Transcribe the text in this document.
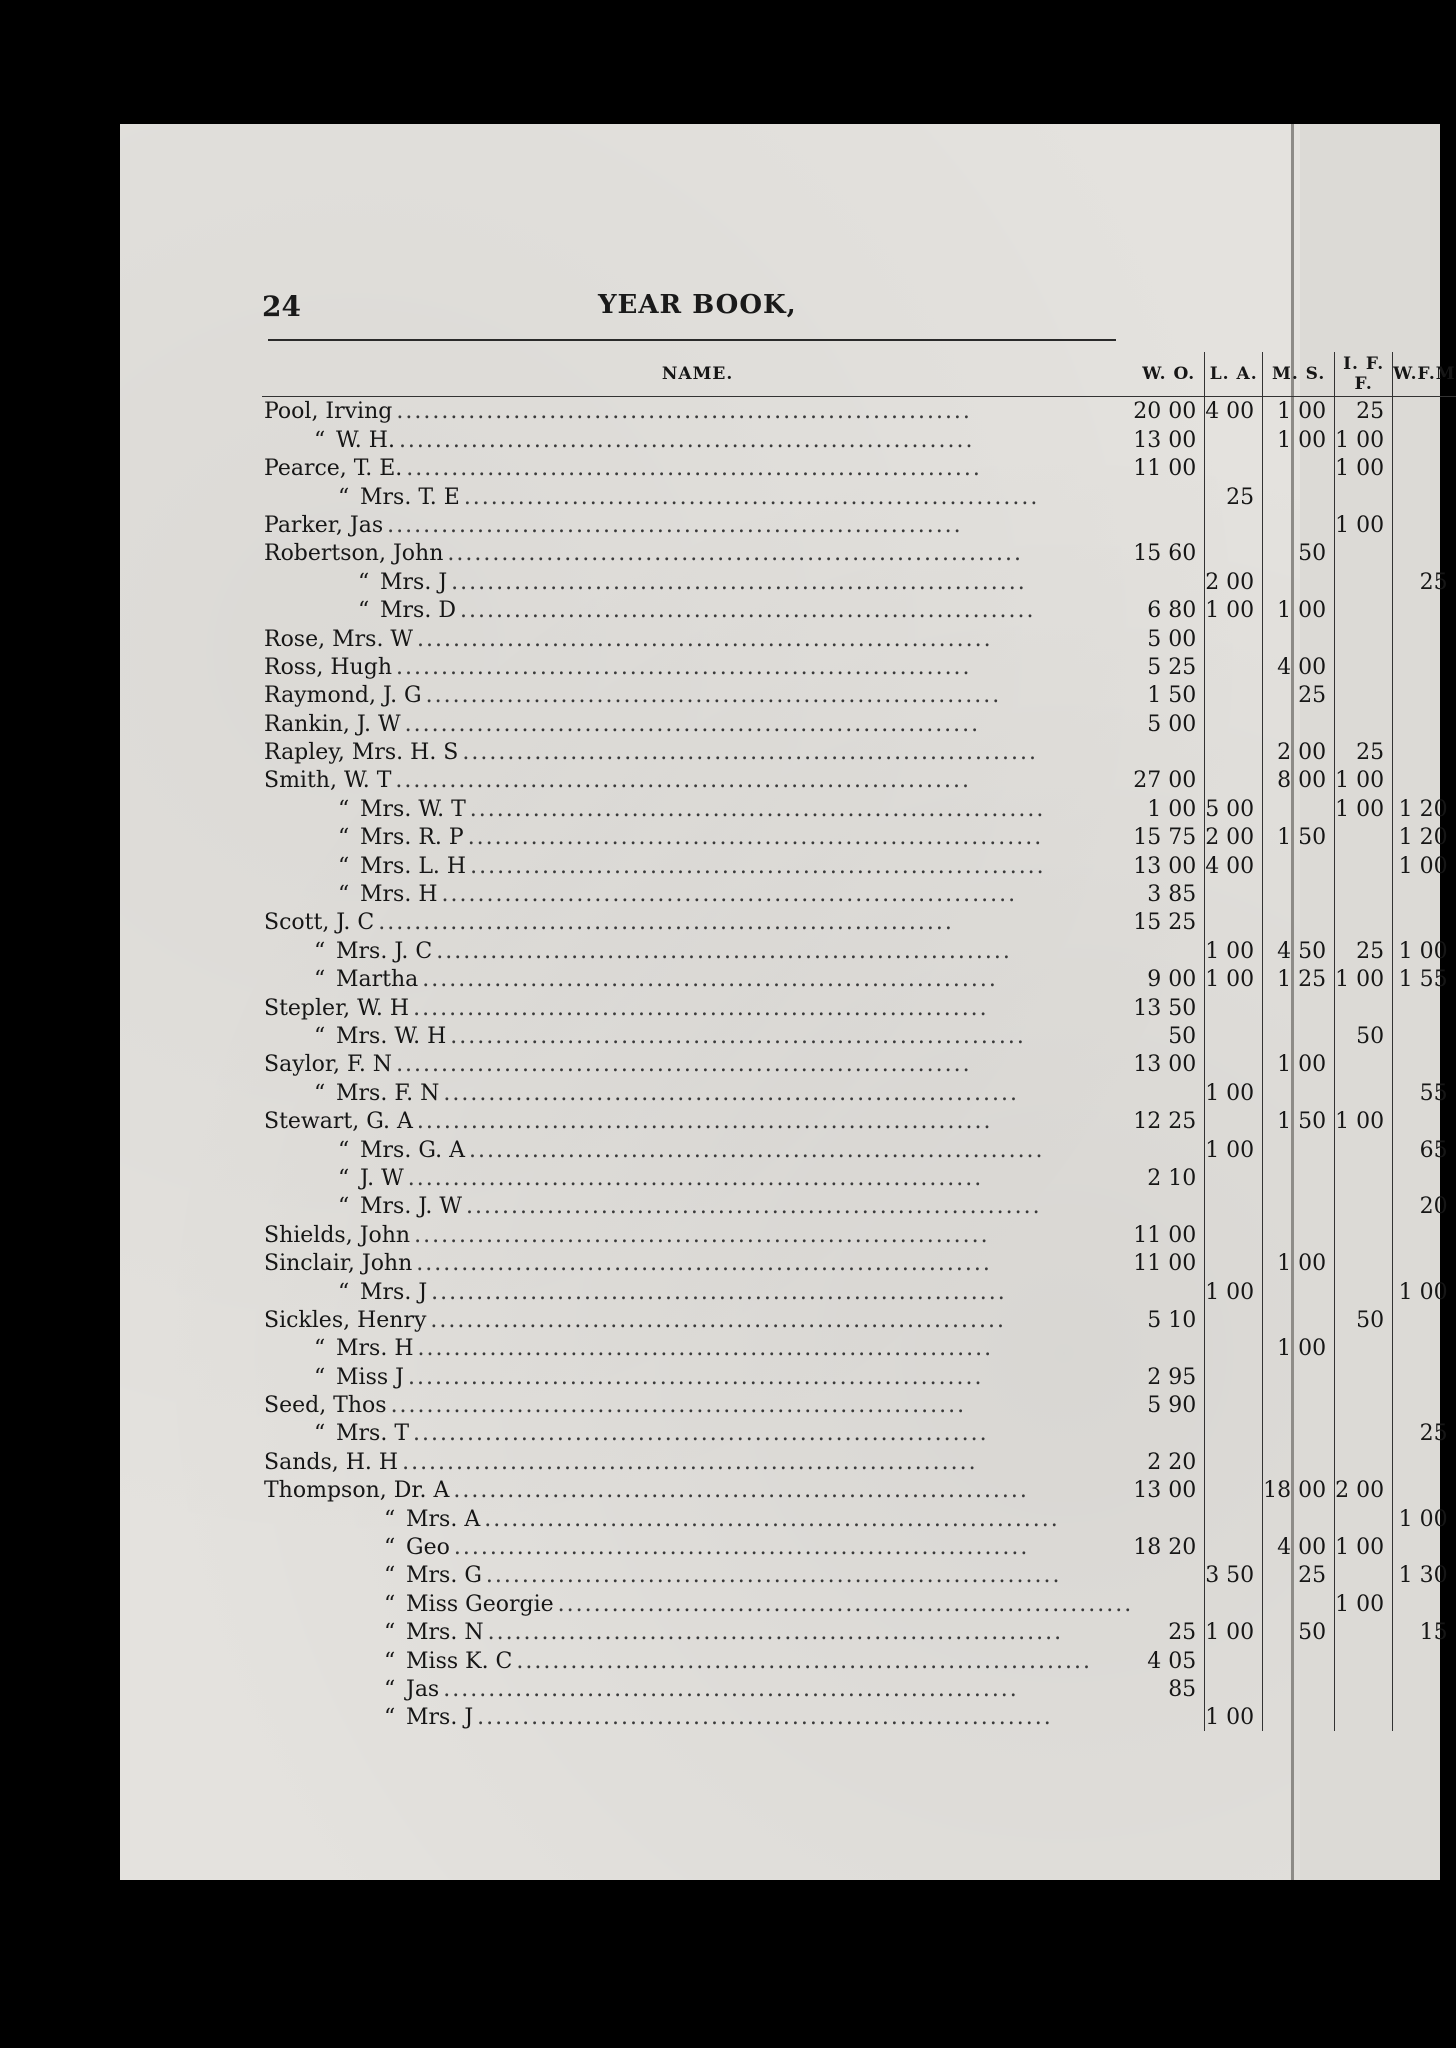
24	YEAR BOOK,
NAME.	W. O.	L. A.	M. S.	I. F. F.	W.F.M
Pool, Irving ................................................................	20 00	4 00	1 00	25	
“ W. H. ................................................................	13 00		1 00	1 00	
Pearce, T. E. ................................................................	11 00			1 00	
“ Mrs. T. E ................................................................		25			
Parker, Jas ................................................................				1 00	
Robertson, John ................................................................	15 60		50		
“ Mrs. J ................................................................		2 00			25
“ Mrs. D ................................................................	6 80	1 00	1 00		
Rose, Mrs. W ................................................................	5 00				
Ross, Hugh ................................................................	5 25		4 00		
Raymond, J. G ................................................................	1 50		25		
Rankin, J. W ................................................................	5 00				
Rapley, Mrs. H. S ................................................................			2 00	25	
Smith, W. T ................................................................	27 00		8 00	1 00	
“ Mrs. W. T ................................................................	1 00	5 00		1 00	1 20
“ Mrs. R. P ................................................................	15 75	2 00	1 50		1 20
“ Mrs. L. H ................................................................	13 00	4 00			1 00
“ Mrs. H ................................................................	3 85				
Scott, J. C ................................................................	15 25				
“ Mrs. J. C ................................................................		1 00	4 50	25	1 00
“ Martha ................................................................	9 00	1 00	1 25	1 00	1 55
Stepler, W. H ................................................................	13 50				
“ Mrs. W. H ................................................................	50			50	
Saylor, F. N ................................................................	13 00		1 00		
“ Mrs. F. N ................................................................		1 00			55
Stewart, G. A ................................................................	12 25		1 50	1 00	
“ Mrs. G. A ................................................................		1 00			65
“ J. W ................................................................	2 10				
“ Mrs. J. W ................................................................					20
Shields, John ................................................................	11 00				
Sinclair, John ................................................................	11 00		1 00		
“ Mrs. J ................................................................		1 00			1 00
Sickles, Henry ................................................................	5 10			50	
“ Mrs. H ................................................................			1 00		
“ Miss J ................................................................	2 95				
Seed, Thos ................................................................	5 90				
“ Mrs. T ................................................................					25
Sands, H. H ................................................................	2 20				
Thompson, Dr. A ................................................................	13 00		18 00	2 00	
“ Mrs. A ................................................................					1 00
“ Geo ................................................................	18 20		4 00	1 00	
“ Mrs. G ................................................................		3 50	25		1 30
“ Miss Georgie ................................................................				1 00	
“ Mrs. N ................................................................	25	1 00	50		15
“ Miss K. C ................................................................	4 05				
“ Jas ................................................................	85				
“ Mrs. J ................................................................		1 00			
